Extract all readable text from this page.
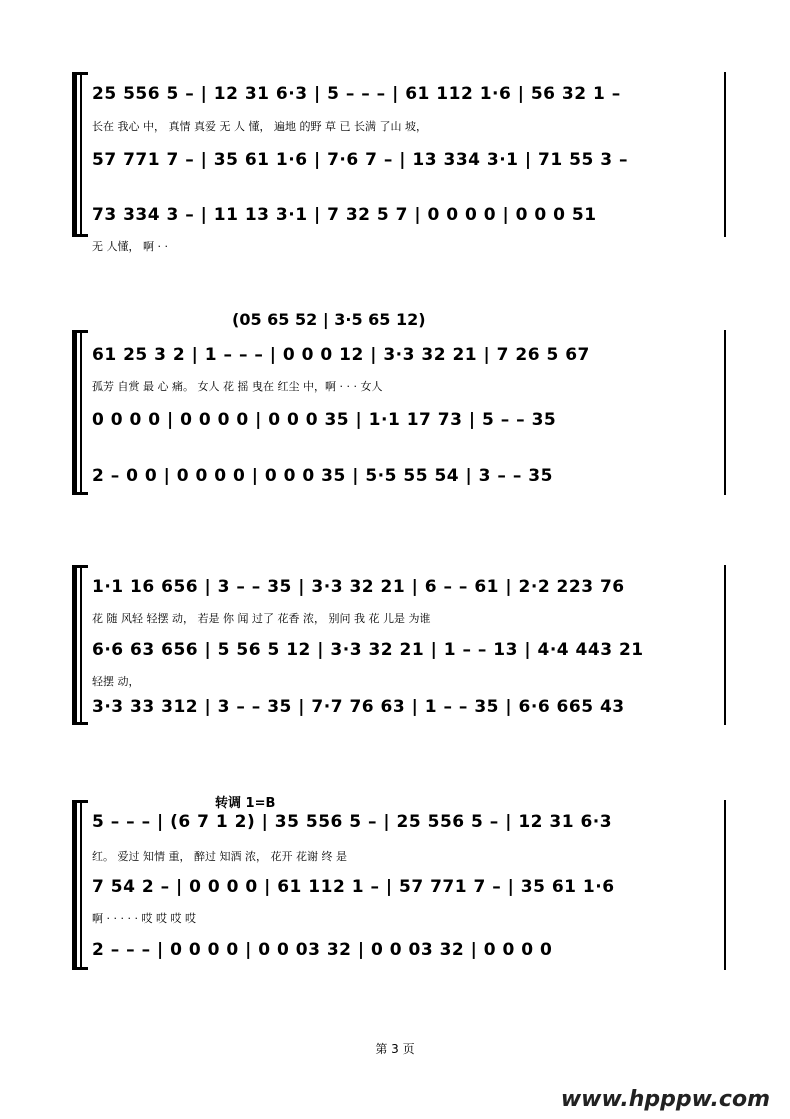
25 556 5 – | 12 31 6·3 | 5 – – – | 61 112 1·6 | 56 32 1 –
长在 我心 中， 真情 真爱 无 人 懂， 遍地 的野 草 已 长满 了山 坡，
57 771 7 – | 35 61 1·6 | 7·6 7 – | 13 334 3·1 | 71 55 3 –
73 334 3 – | 11 13 3·1 | 7 32 5 7 | 0 0 0 0 | 0 0 0 51
无 人懂， 啊 · ·
(05 65 52 | 3·5 65 12)
61 25 3 2 | 1 – – – | 0 0 0 12 | 3·3 32 21 | 7 26 5 67
孤芳 自赏 最 心 痛。 女人 花 摇 曳在 红尘 中，啊 · · · 女人
0 0 0 0 | 0 0 0 0 | 0 0 0 35 | 1·1 17 73 | 5 – – 35
2 – 0 0 | 0 0 0 0 | 0 0 0 35 | 5·5 55 54 | 3 – – 35
1·1 16 656 | 3 – – 35 | 3·3 32 21 | 6 – – 61 | 2·2 223 76
花 随 风轻 轻摆 动， 若是 你 闻 过了 花香 浓， 别问 我 花 儿是 为谁
6·6 63 656 | 5 56 5 12 | 3·3 32 21 | 1 – – 13 | 4·4 443 21
轻摆 动，
3·3 33 312 | 3 – – 35 | 7·7 76 63 | 1 – – 35 | 6·6 665 43
转调 1=B
5 – – – | (6 7 1 2) | 35 556 5 – | 25 556 5 – | 12 31 6·3
红。 爱过 知情 重， 醉过 知酒 浓， 花开 花谢 终 是
7 54 2 – | 0 0 0 0 | 61 112 1 – | 57 771 7 – | 35 61 1·6
啊 · · · · · 哎 哎 哎 哎
2 – – – | 0 0 0 0 | 0 0 03 32 | 0 0 03 32 | 0 0 0 0
第 3 页
www.hpppw.com
